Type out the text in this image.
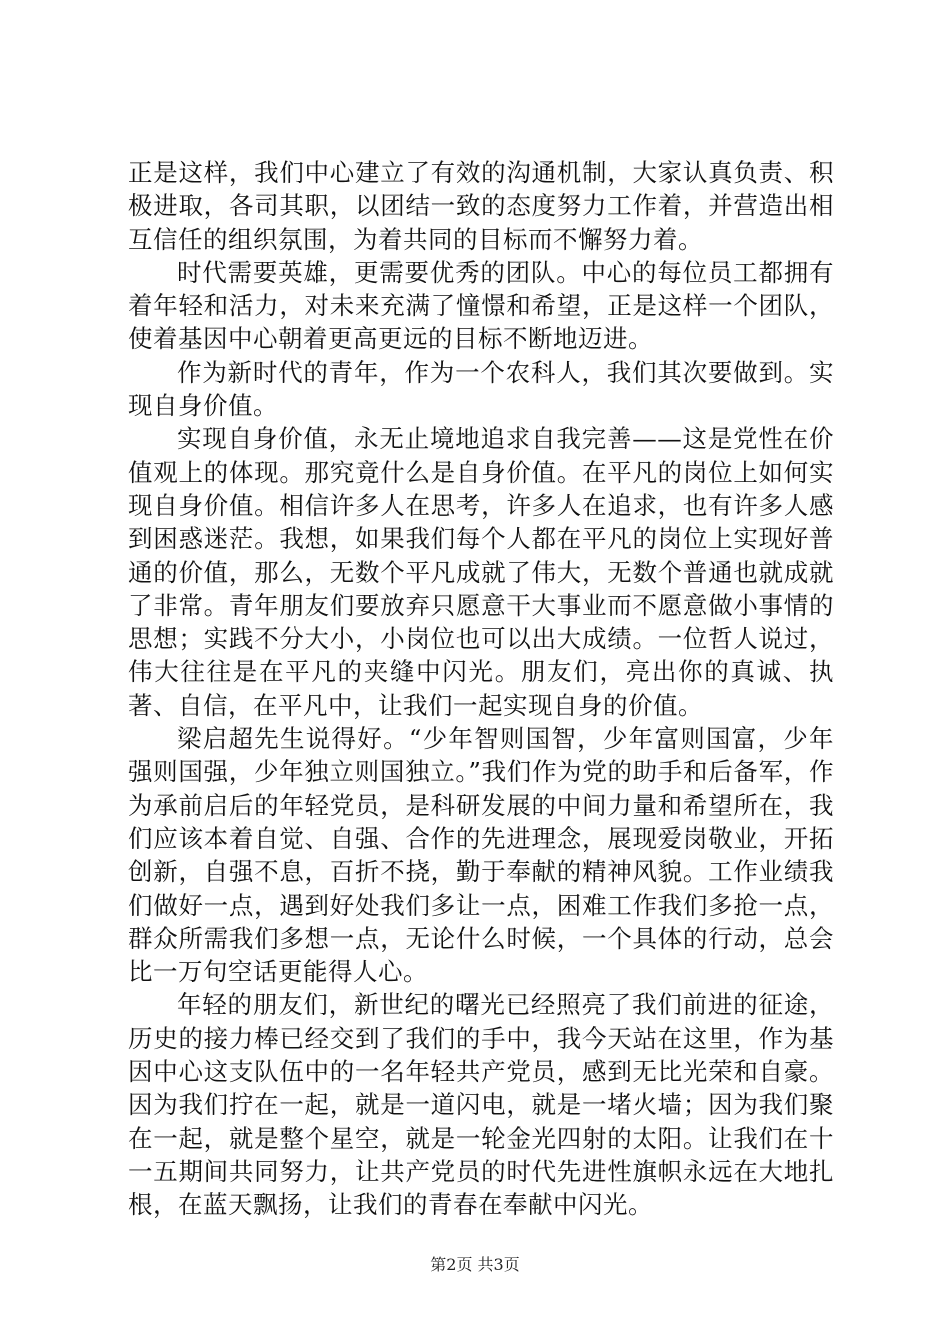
正是这样，我们中心建立了有效的沟通机制，大家认真负责、积极进取，各司其职，以团结一致的态度努力工作着，并营造出相互信任的组织氛围，为着共同的目标而不懈努力着。

时代需要英雄，更需要优秀的团队。中心的每位员工都拥有着年轻和活力，对未来充满了憧憬和希望，正是这样一个团队，使着基因中心朝着更高更远的目标不断地迈进。

作为新时代的青年，作为一个农科人，我们其次要做到。实现自身价值。

实现自身价值，永无止境地追求自我完善——这是党性在价值观上的体现。那究竟什么是自身价值。在平凡的岗位上如何实现自身价值。相信许多人在思考，许多人在追求，也有许多人感到困惑迷茫。我想，如果我们每个人都在平凡的岗位上实现好普通的价值，那么，无数个平凡成就了伟大，无数个普通也就成就了非常。青年朋友们要放弃只愿意干大事业而不愿意做小事情的思想；实践不分大小，小岗位也可以出大成绩。一位哲人说过，伟大往往是在平凡的夹缝中闪光。朋友们，亮出你的真诚、执著、自信，在平凡中，让我们一起实现自身的价值。

梁启超先生说得好。“少年智则国智，少年富则国富，少年强则国强，少年独立则国独立。”我们作为党的助手和后备军，作为承前启后的年轻党员，是科研发展的中间力量和希望所在，我们应该本着自觉、自强、合作的先进理念，展现爱岗敬业，开拓创新，自强不息，百折不挠，勤于奉献的精神风貌。工作业绩我们做好一点，遇到好处我们多让一点，困难工作我们多抢一点，群众所需我们多想一点，无论什么时候，一个具体的行动，总会比一万句空话更能得人心。

年轻的朋友们，新世纪的曙光已经照亮了我们前进的征途，历史的接力棒已经交到了我们的手中，我今天站在这里，作为基因中心这支队伍中的一名年轻共产党员，感到无比光荣和自豪。因为我们拧在一起，就是一道闪电，就是一堵火墙；因为我们聚在一起，就是整个星空，就是一轮金光四射的太阳。让我们在十一五期间共同努力，让共产党员的时代先进性旗帜永远在大地扎根，在蓝天飘扬，让我们的青春在奉献中闪光。

第2页 共3页
